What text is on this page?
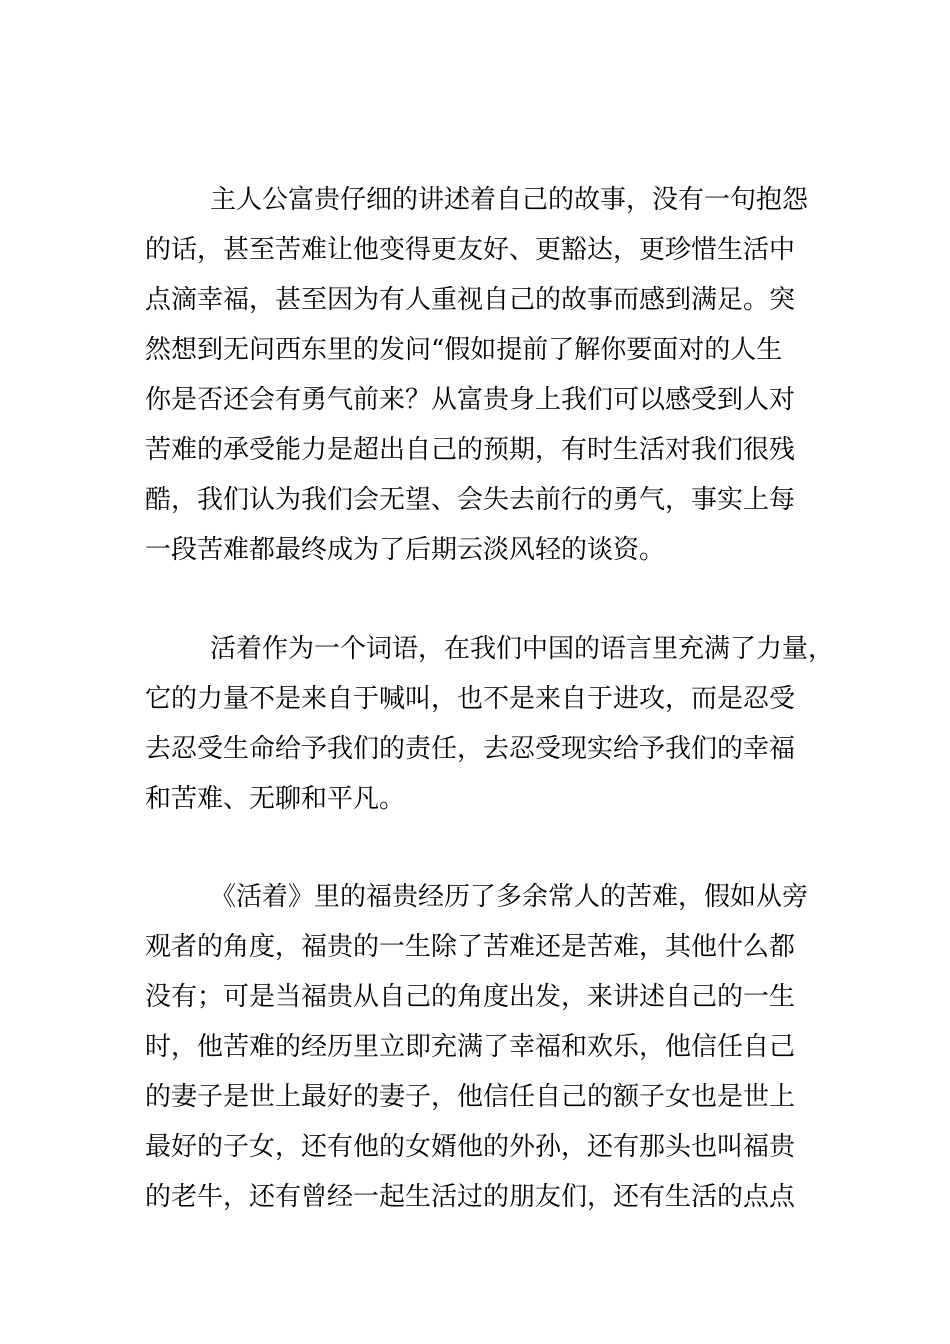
主人公富贵仔细的讲述着自己的故事，没有一句抱怨
的话，甚至苦难让他变得更友好、更豁达，更珍惜生活中
点滴幸福，甚至因为有人重视自己的故事而感到满足。突
然想到无问西东里的发问“假如提前了解你要面对的人生
你是否还会有勇气前来？从富贵身上我们可以感受到人对
苦难的承受能力是超出自己的预期，有时生活对我们很残
酷，我们认为我们会无望、会失去前行的勇气，事实上每
一段苦难都最终成为了后期云淡风轻的谈资。
活着作为一个词语，在我们中国的语言里充满了力量，
它的力量不是来自于喊叫，也不是来自于进攻，而是忍受
去忍受生命给予我们的责任，去忍受现实给予我们的幸福
和苦难、无聊和平凡。
《活着》里的福贵经历了多余常人的苦难，假如从旁
观者的角度，福贵的一生除了苦难还是苦难，其他什么都
没有；可是当福贵从自己的角度出发，来讲述自己的一生
时，他苦难的经历里立即充满了幸福和欢乐，他信任自己
的妻子是世上最好的妻子，他信任自己的额子女也是世上
最好的子女，还有他的女婿他的外孙，还有那头也叫福贵
的老牛，还有曾经一起生活过的朋友们，还有生活的点点
